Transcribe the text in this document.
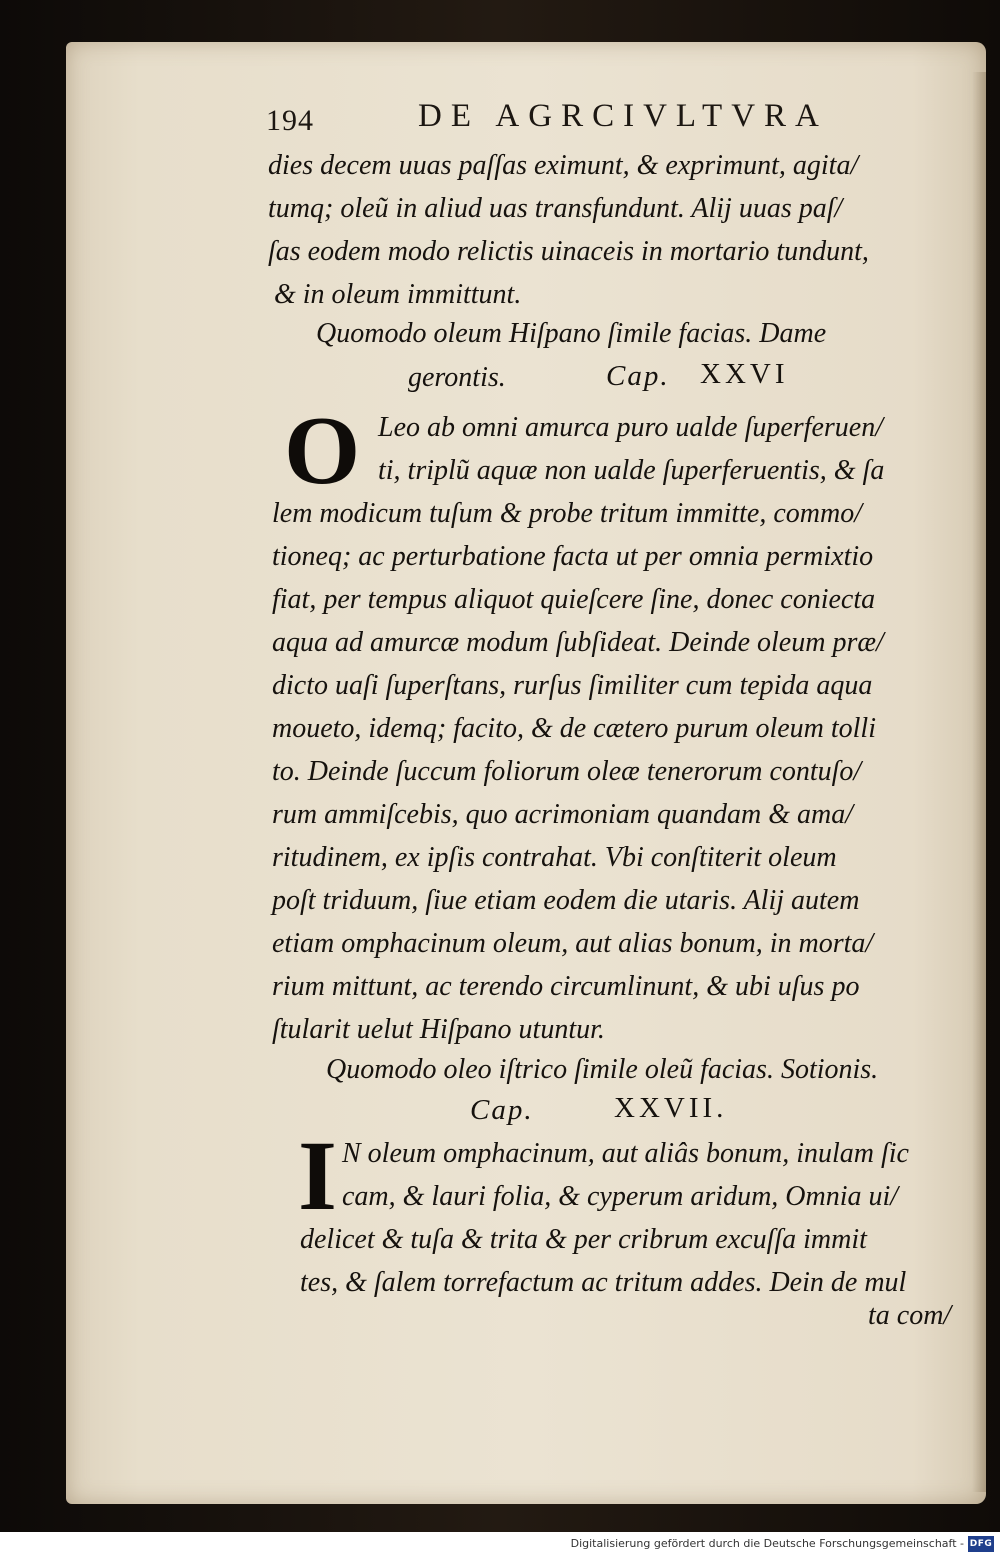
194	DE AGRCIVLTVRA
dies decem uuas paſſas eximunt, & exprimunt, agita/
tumq; oleũ in aliud uas transfundunt. Alij uuas paſ/
ſas eodem modo relictis uinaceis in mortario tundunt,
& in oleum immittunt.
Quomodo oleum Hiſpano ſimile facias. Dame
gerontis.	Cap. XXVI
O Leo ab omni amurca puro ualde ſuperferuen/
ti, triplũ aquæ non ualde ſuperferuentis, & ſa
lem modicum tuſum & probe tritum immitte, commo/
tioneq; ac perturbatione facta ut per omnia permixtio
fiat, per tempus aliquot quieſcere ſine, donec coniecta
aqua ad amurcæ modum ſubſideat. Deinde oleum præ/
dicto uaſi ſuperſtans, rurſus ſimiliter cum tepida aqua
moueto, idemq; facito, & de cætero purum oleum tolli
to. Deinde ſuccum foliorum oleæ tenerorum contuſo/
rum ammiſcebis, quo acrimoniam quandam & ama/
ritudinem, ex ipſis contrahat. Vbi conſtiterit oleum
poſt triduum, ſiue etiam eodem die utaris. Alij autem
etiam omphacinum oleum, aut alias bonum, in morta/
rium mittunt, ac terendo circumlinunt, & ubi uſus po
ſtularit uelut Hiſpano utuntur.
Quomodo oleo iſtrico ſimile oleũ facias. Sotionis.
Cap.	XXVII.
I N oleum omphacinum, aut aliâs bonum, inulam ſic
cam, & lauri folia, & cyperum aridum, Omnia ui/
delicet & tuſa & trita & per cribrum excuſſa immit
tes, & ſalem torrefactum ac tritum addes. Dein de mul
ta com/
Digitalisierung gefördert durch die Deutsche Forschungsgemeinschaft - DFG
